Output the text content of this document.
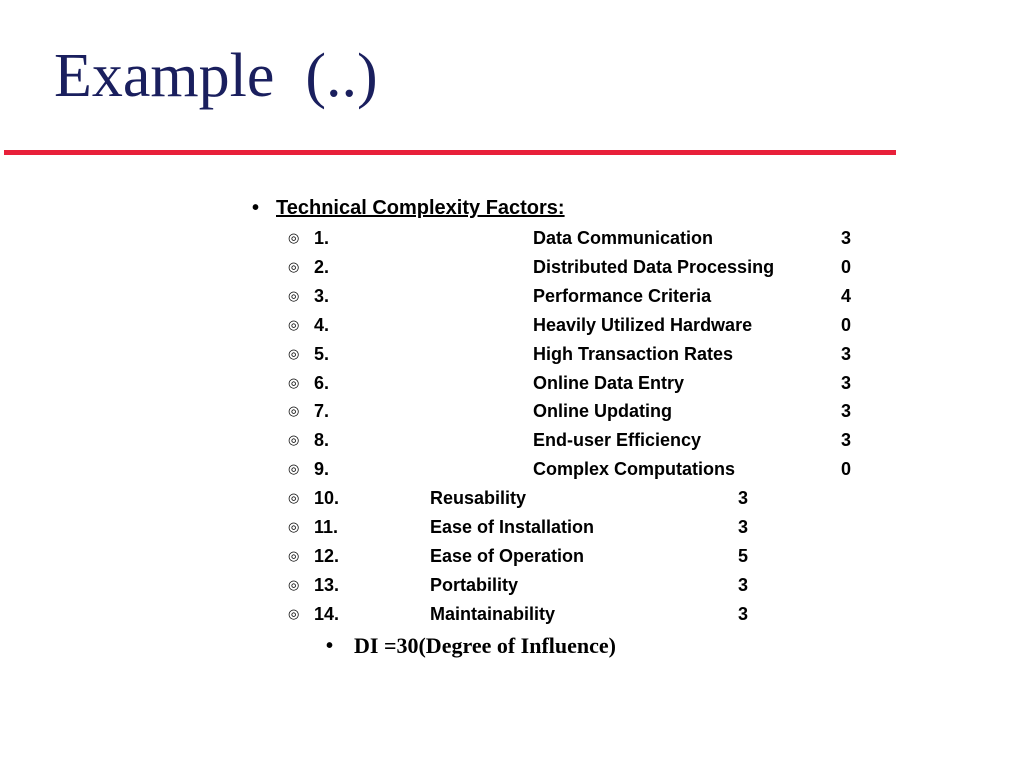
Example  (..)
• Technical Complexity Factors:
◎ 1.	Data Communication	3
◎ 2.	Distributed Data Processing	0
◎ 3.	Performance Criteria	4
◎ 4.	Heavily Utilized Hardware	0
◎ 5.	High Transaction Rates	3
◎ 6.	Online Data Entry	3
◎ 7.	Online Updating	3
◎ 8.	End-user Efficiency	3
◎ 9.	Complex Computations	0
◎ 10.	Reusability	3
◎ 11.	Ease of Installation	3
◎ 12.	Ease of Operation	5
◎ 13.	Portability	3
◎ 14.	Maintainability	3
• DI =30(Degree of Influence)
